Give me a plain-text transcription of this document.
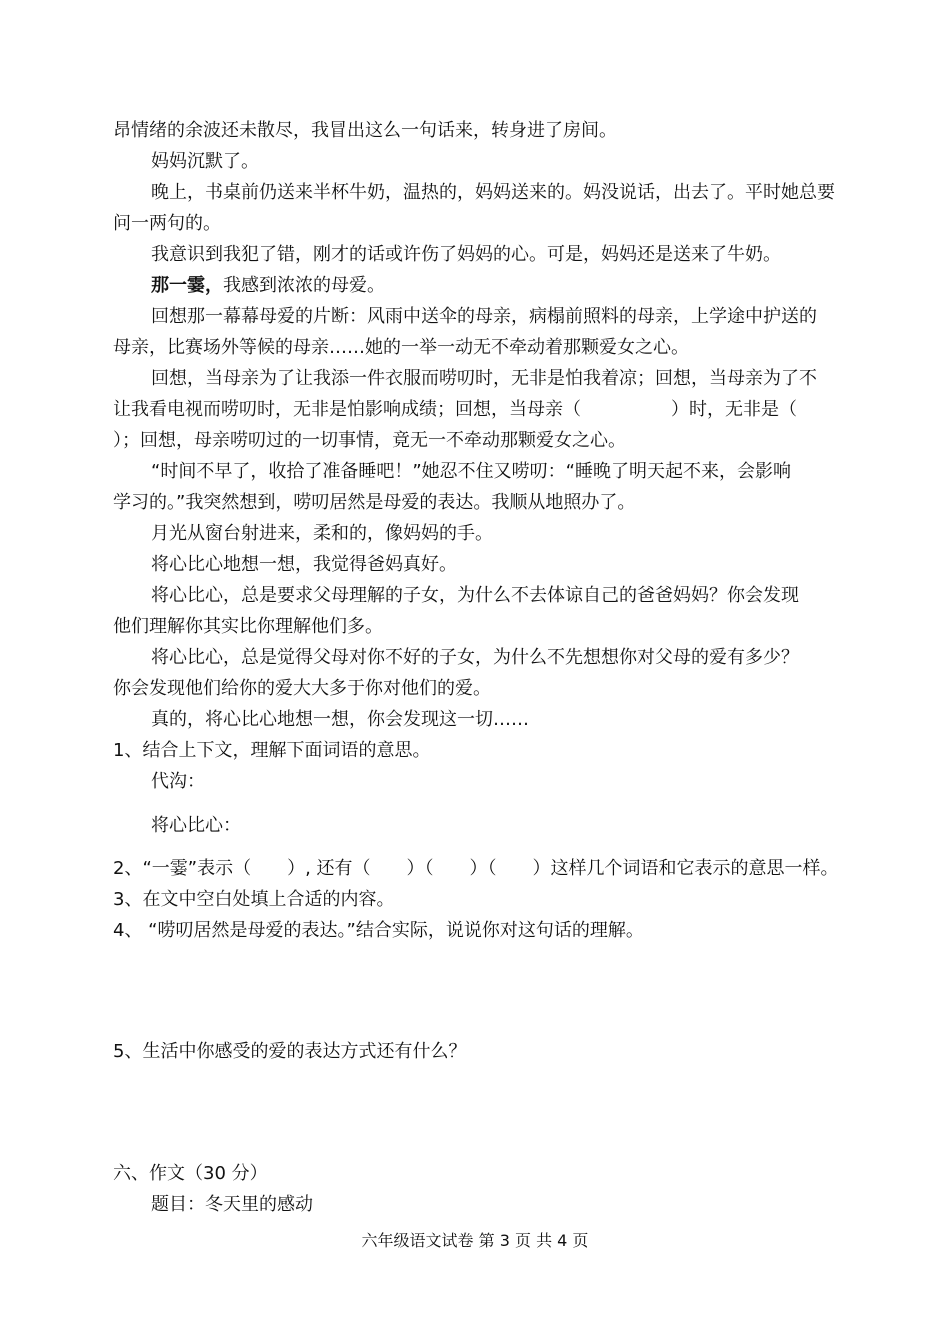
昂情绪的余波还未散尽，我冒出这么一句话来，转身进了房间。
妈妈沉默了。
晚上，书桌前仍送来半杯牛奶，温热的，妈妈送来的。妈没说话，出去了。平时她总要
问一两句的。
我意识到我犯了错，刚才的话或许伤了妈妈的心。可是，妈妈还是送来了牛奶。
那一霎，我感到浓浓的母爱。
回想那一幕幕母爱的片断：风雨中送伞的母亲，病榻前照料的母亲，上学途中护送的
母亲，比赛场外等候的母亲……她的一举一动无不牵动着那颗爱女之心。
回想，当母亲为了让我添一件衣服而唠叨时，无非是怕我着凉；回想，当母亲为了不
让我看电视而唠叨时，无非是怕影响成绩；回想，当母亲（　　　　　）时，无非是（
）；回想，母亲唠叨过的一切事情，竟无一不牵动那颗爱女之心。
“时间不早了，收拾了准备睡吧！”她忍不住又唠叨：“睡晚了明天起不来，会影响
学习的。”我突然想到，唠叨居然是母爱的表达。我顺从地照办了。
月光从窗台射进来，柔和的，像妈妈的手。
将心比心地想一想，我觉得爸妈真好。
将心比心，总是要求父母理解的子女，为什么不去体谅自己的爸爸妈妈？你会发现
他们理解你其实比你理解他们多。
将心比心，总是觉得父母对你不好的子女，为什么不先想想你对父母的爱有多少？
你会发现他们给你的爱大大多于你对他们的爱。
真的，将心比心地想一想，你会发现这一切……
1、结合上下文，理解下面词语的意思。
代沟：
将心比心：
2、“一霎”表示（　　）, 还有（　　）（　　）（　　）这样几个词语和它表示的意思一样。
3、在文中空白处填上合适的内容。
4、 “唠叨居然是母爱的表达。”结合实际，说说你对这句话的理解。
5、生活中你感受的爱的表达方式还有什么？
六、作文（30 分）
题目：冬天里的感动
六年级语文试卷 第 3 页 共 4 页
